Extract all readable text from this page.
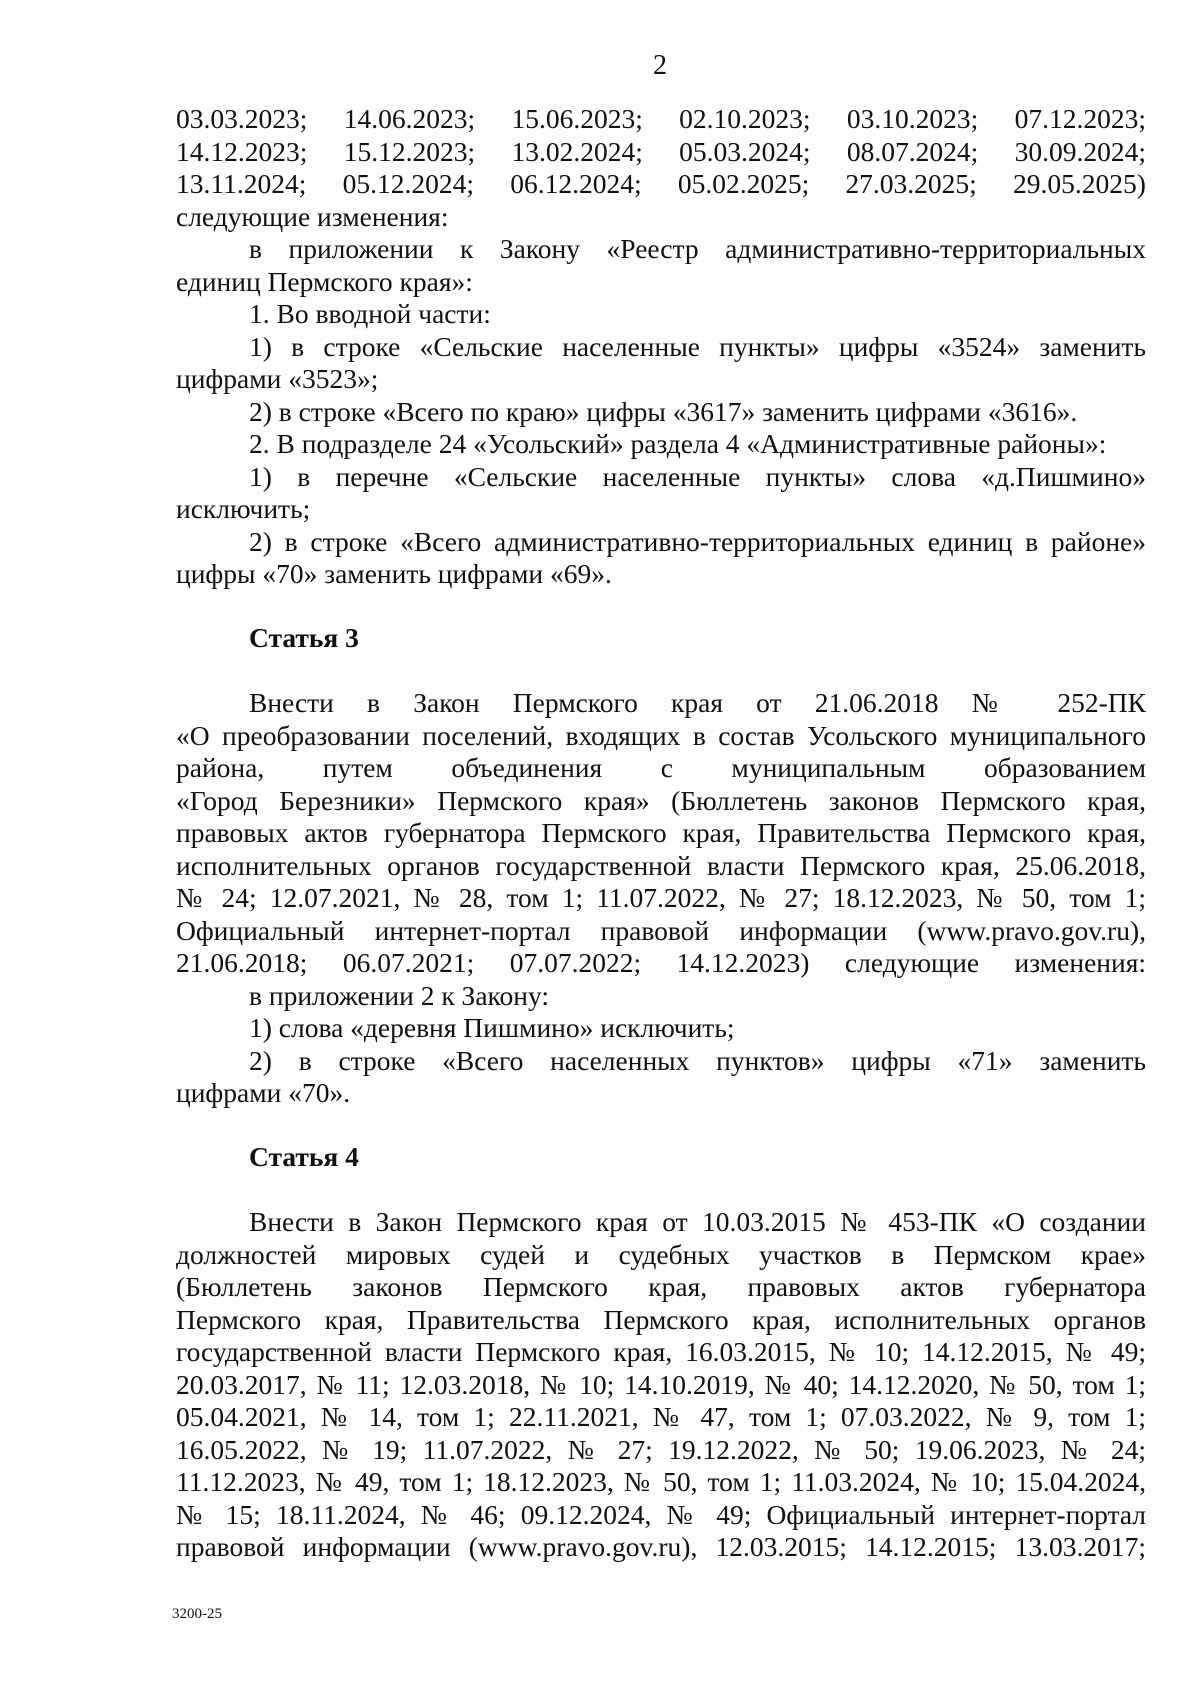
2
03.03.2023; 14.06.2023; 15.06.2023; 02.10.2023; 03.10.2023; 07.12.2023;
14.12.2023; 15.12.2023; 13.02.2024; 05.03.2024; 08.07.2024; 30.09.2024;
13.11.2024; 05.12.2024; 06.12.2024; 05.02.2025; 27.03.2025; 29.05.2025)

следующие изменения:

в приложении к Закону «Реестр административно-территориальных

единиц Пермского края»:

1. Во вводной части:

1) в строке «Сельские населенные пункты» цифры «3524» заменить

цифрами «3523»;

2) в строке «Всего по краю» цифры «3617» заменить цифрами «3616».

2. В подразделе 24 «Усольский» раздела 4 «Административные районы»:

1) в перечне «Сельские населенные пункты» слова «д.Пишмино»

исключить;

2) в строке «Всего административно-территориальных единиц в районе»

цифры «70» заменить цифрами «69».

Статья 3

Внести в Закон Пермского края от 21.06.2018 № 252-ПК

«О преобразовании поселений, входящих в состав Усольского муниципального

района, путем объединения с муниципальным образованием

«Город Березники» Пермского края» (Бюллетень законов Пермского края,

правовых актов губернатора Пермского края, Правительства Пермского края,

исполнительных органов государственной власти Пермского края, 25.06.2018,

№ 24; 12.07.2021, № 28, том 1; 11.07.2022, № 27; 18.12.2023, № 50, том 1;

Официальный интернет-портал правовой информации (www.pravo.gov.ru),

21.06.2018; 06.07.2021; 07.07.2022; 14.12.2023) следующие изменения:

в приложении 2 к Закону:

1) слова «деревня Пишмино» исключить;

2) в строке «Всего населенных пунктов» цифры «71» заменить

цифрами «70».

Статья 4

Внести в Закон Пермского края от 10.03.2015 № 453-ПК «О создании

должностей мировых судей и судебных участков в Пермском крае»

(Бюллетень законов Пермского края, правовых актов губернатора

Пермского края, Правительства Пермского края, исполнительных органов

государственной власти Пермского края, 16.03.2015, № 10; 14.12.2015, № 49;

20.03.2017, № 11; 12.03.2018, № 10; 14.10.2019, № 40; 14.12.2020, № 50, том 1;

05.04.2021, № 14, том 1; 22.11.2021, № 47, том 1; 07.03.2022, № 9, том 1;

16.05.2022, № 19; 11.07.2022, № 27; 19.12.2022, № 50; 19.06.2023, № 24;

11.12.2023, № 49, том 1; 18.12.2023, № 50, том 1; 11.03.2024, № 10; 15.04.2024,

№ 15; 18.11.2024, № 46; 09.12.2024, № 49; Официальный интернет-портал

правовой информации (www.pravo.gov.ru), 12.03.2015; 14.12.2015; 13.03.2017;

3200-25
